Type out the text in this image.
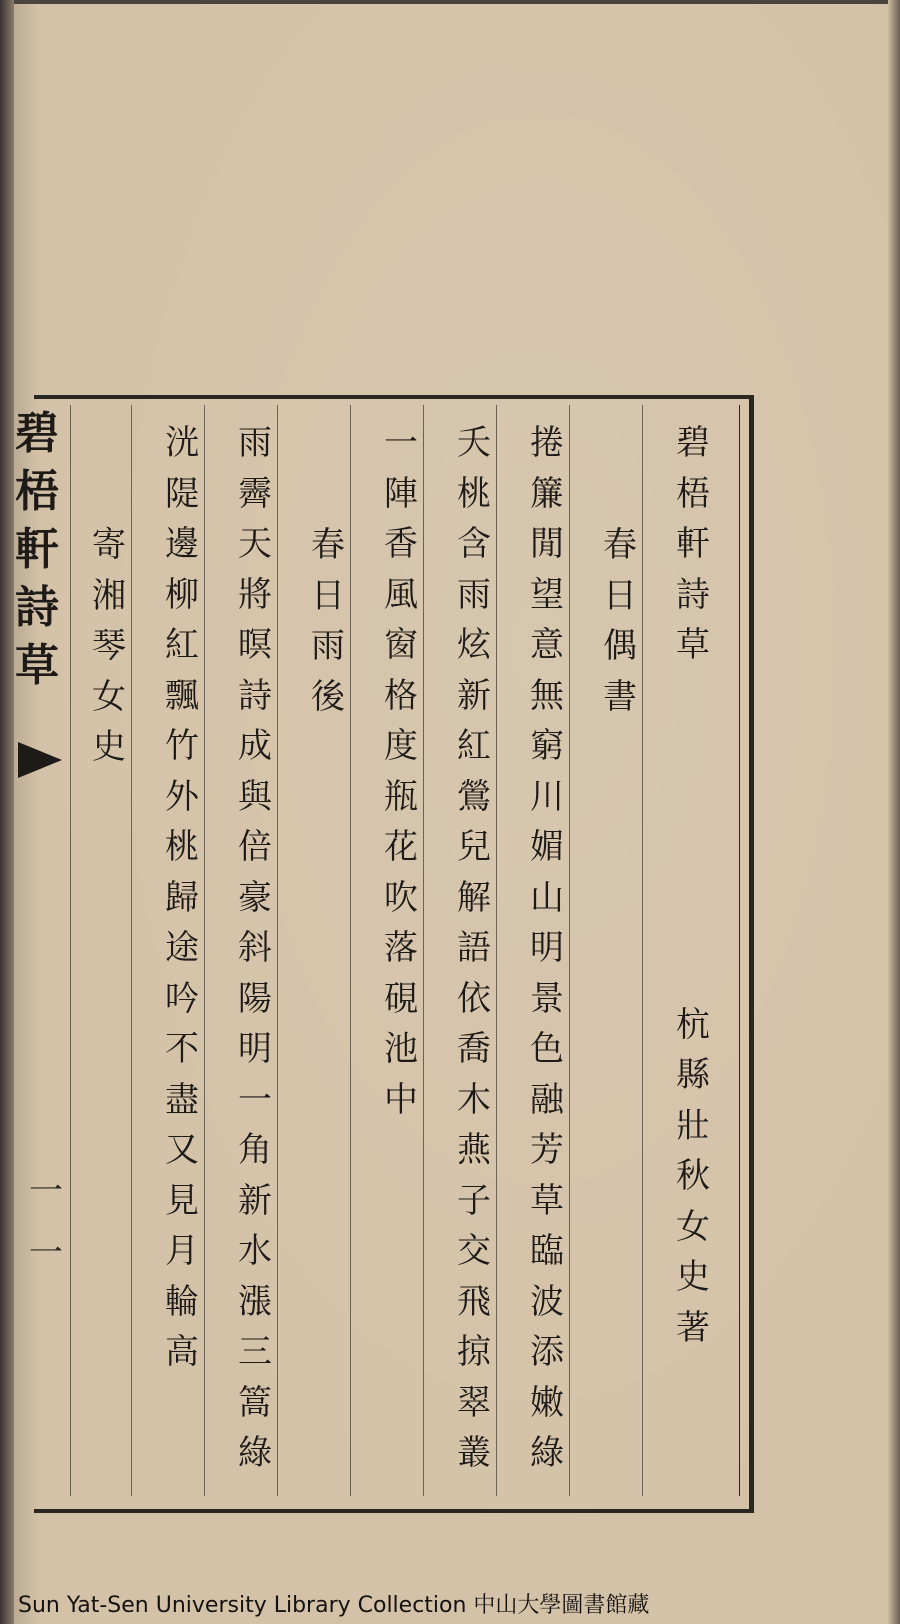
碧
梧
軒
詩
草
一
一
碧
梧
軒
詩
草
杭
縣
壯
秋
女
史
著
春
日
偶
書
捲
簾
閒
望
意
無
窮
川
媚
山
明
景
色
融
芳
草
臨
波
添
嫩
綠
夭
桃
含
雨
炫
新
紅
鶯
兒
解
語
依
喬
木
燕
子
交
飛
掠
翠
叢
一
陣
香
風
窗
格
度
瓶
花
吹
落
硯
池
中
春
日
雨
後
雨
霽
天
將
暝
詩
成
與
倍
豪
斜
陽
明
一
角
新
水
漲
三
篙
綠
洸
隄
邊
柳
紅
飄
竹
外
桃
歸
途
吟
不
盡
又
見
月
輪
高
寄
湘
琴
女
史
Sun Yat-Sen University Library Collection 中山大學圖書館藏
